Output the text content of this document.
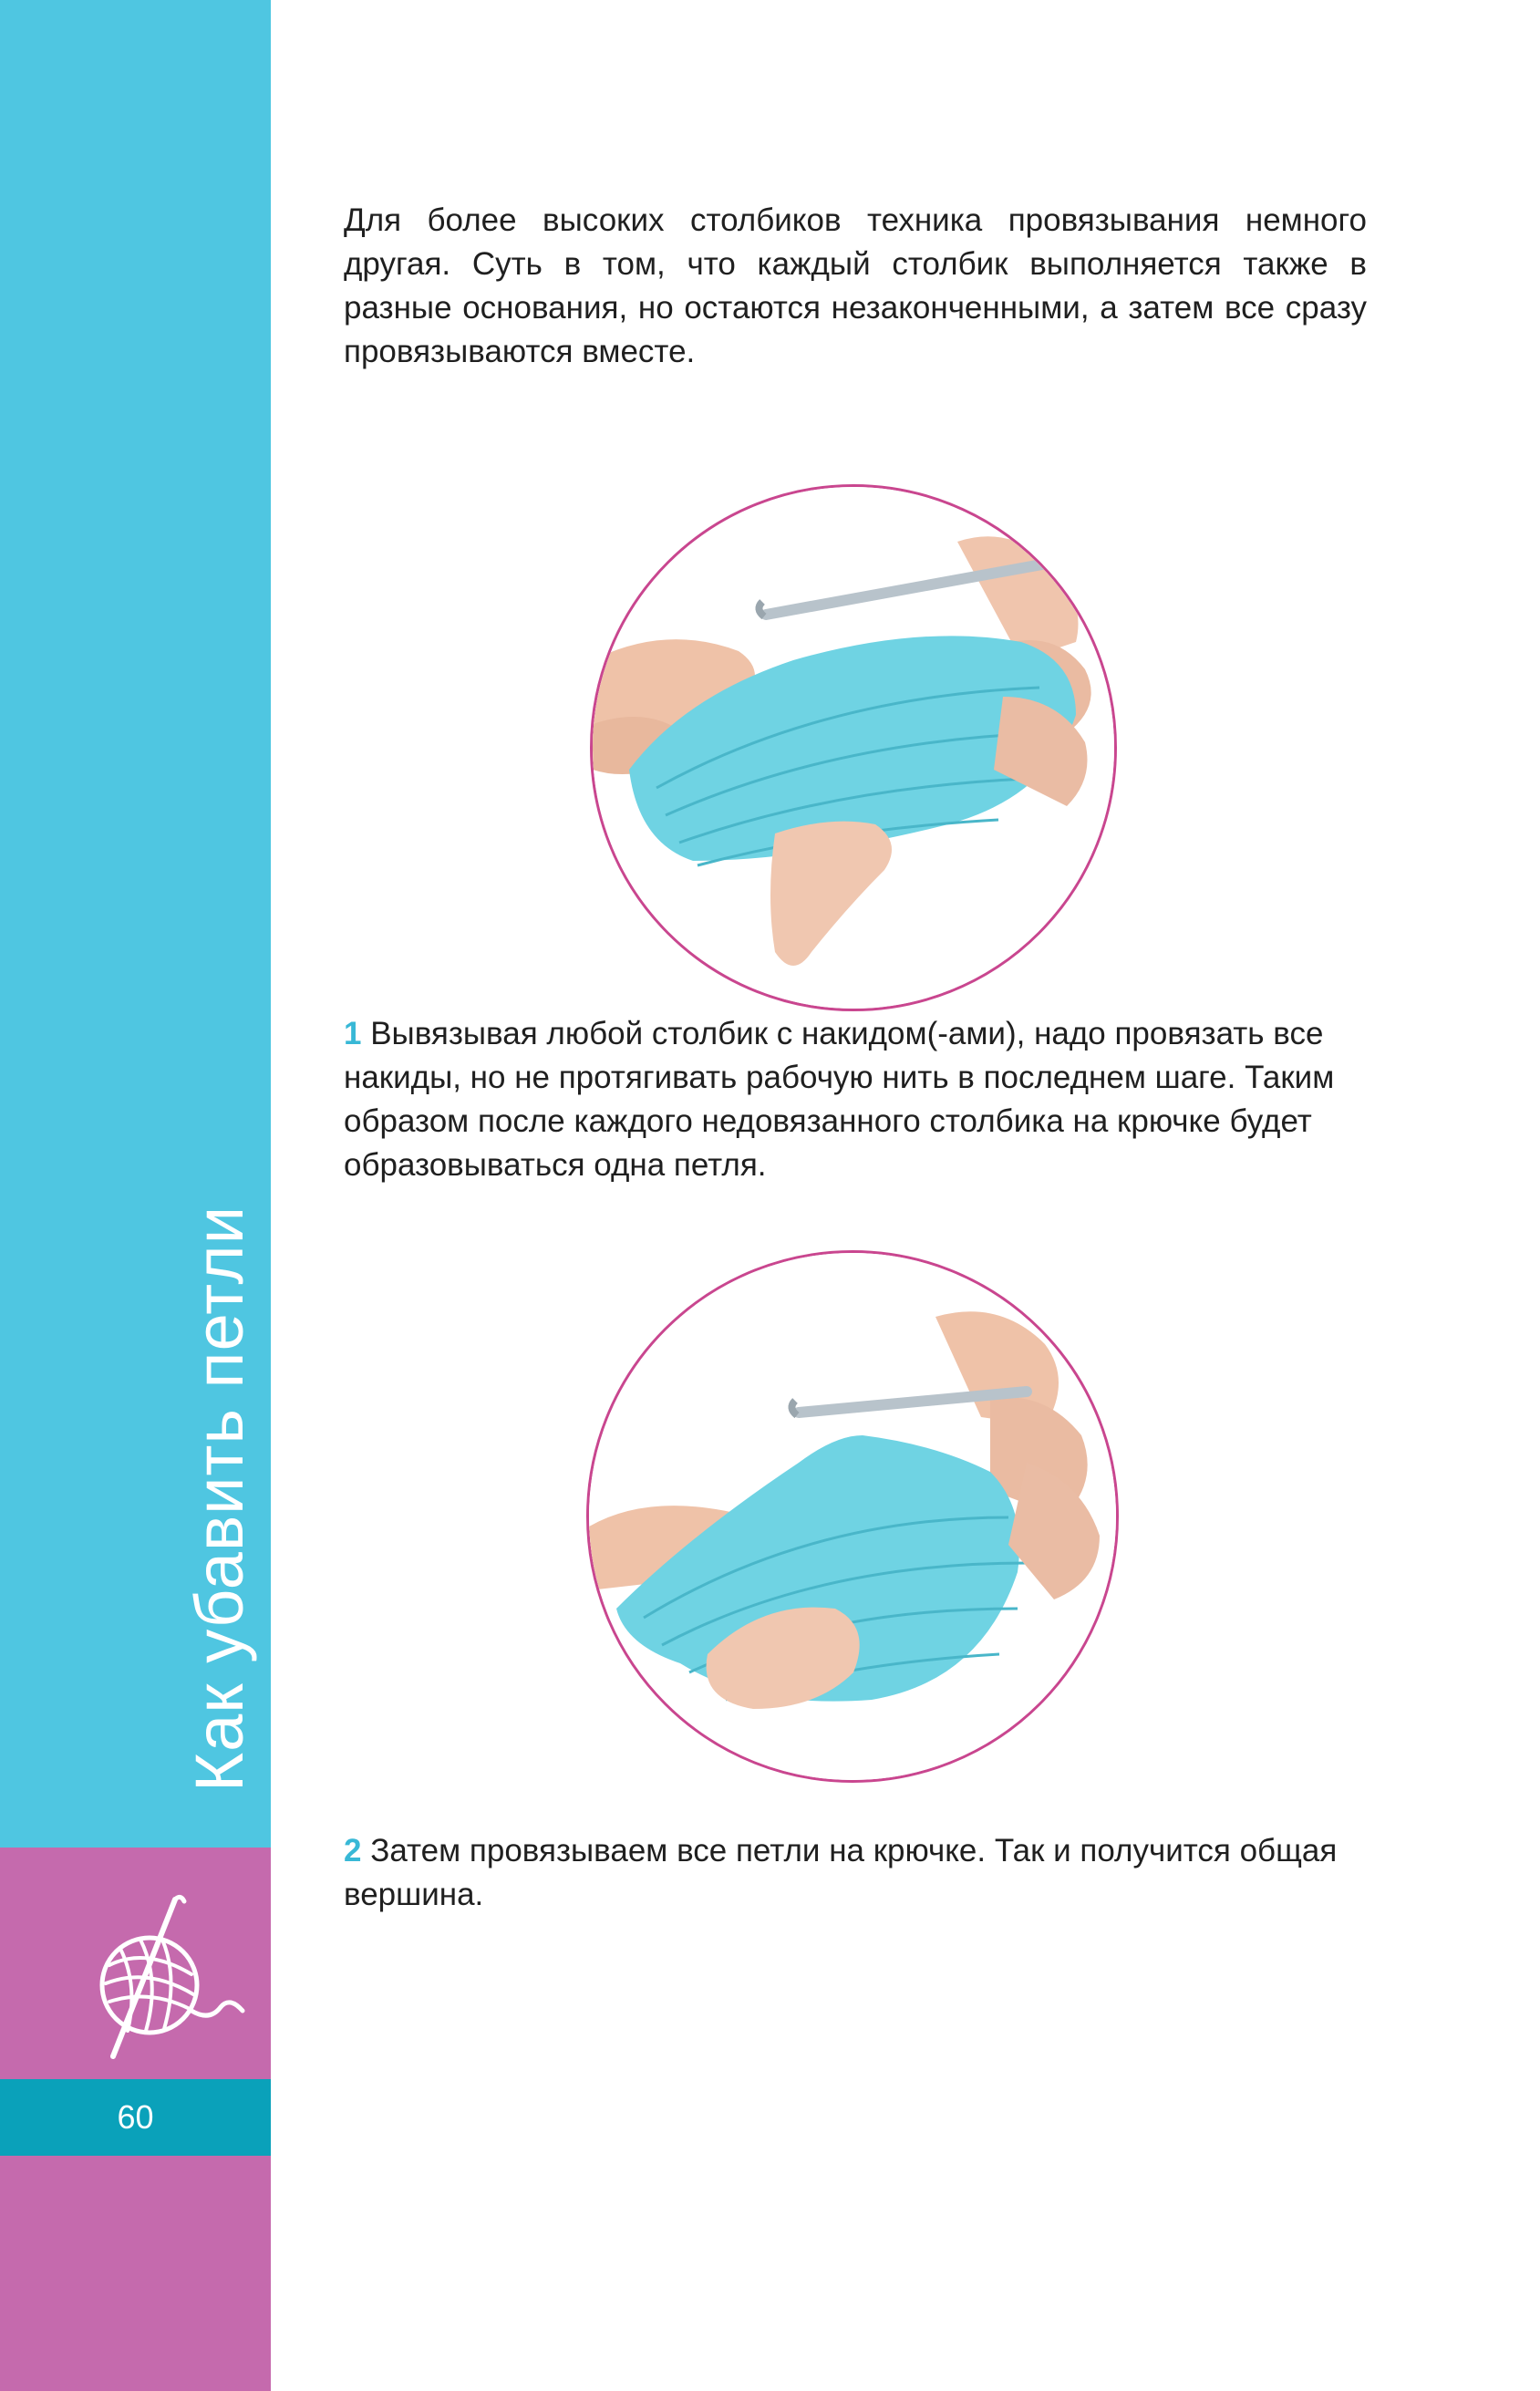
Как убавить петли
60

Для более высоких столбиков техника провязывания немного другая. Суть в том, что каждый столбик выполняется также в разные основания, но остаются незаконченными, а затем все сразу провязываются вместе.

1 Вывязывая любой столбик с накидом(-ами), надо провязать все накиды, но не протягивать рабочую нить в последнем шаге. Таким образом после каждого недовязанного столбика на крючке будет образовываться одна петля.

2 Затем провязываем все петли на крючке. Так и получится общая вершина.
